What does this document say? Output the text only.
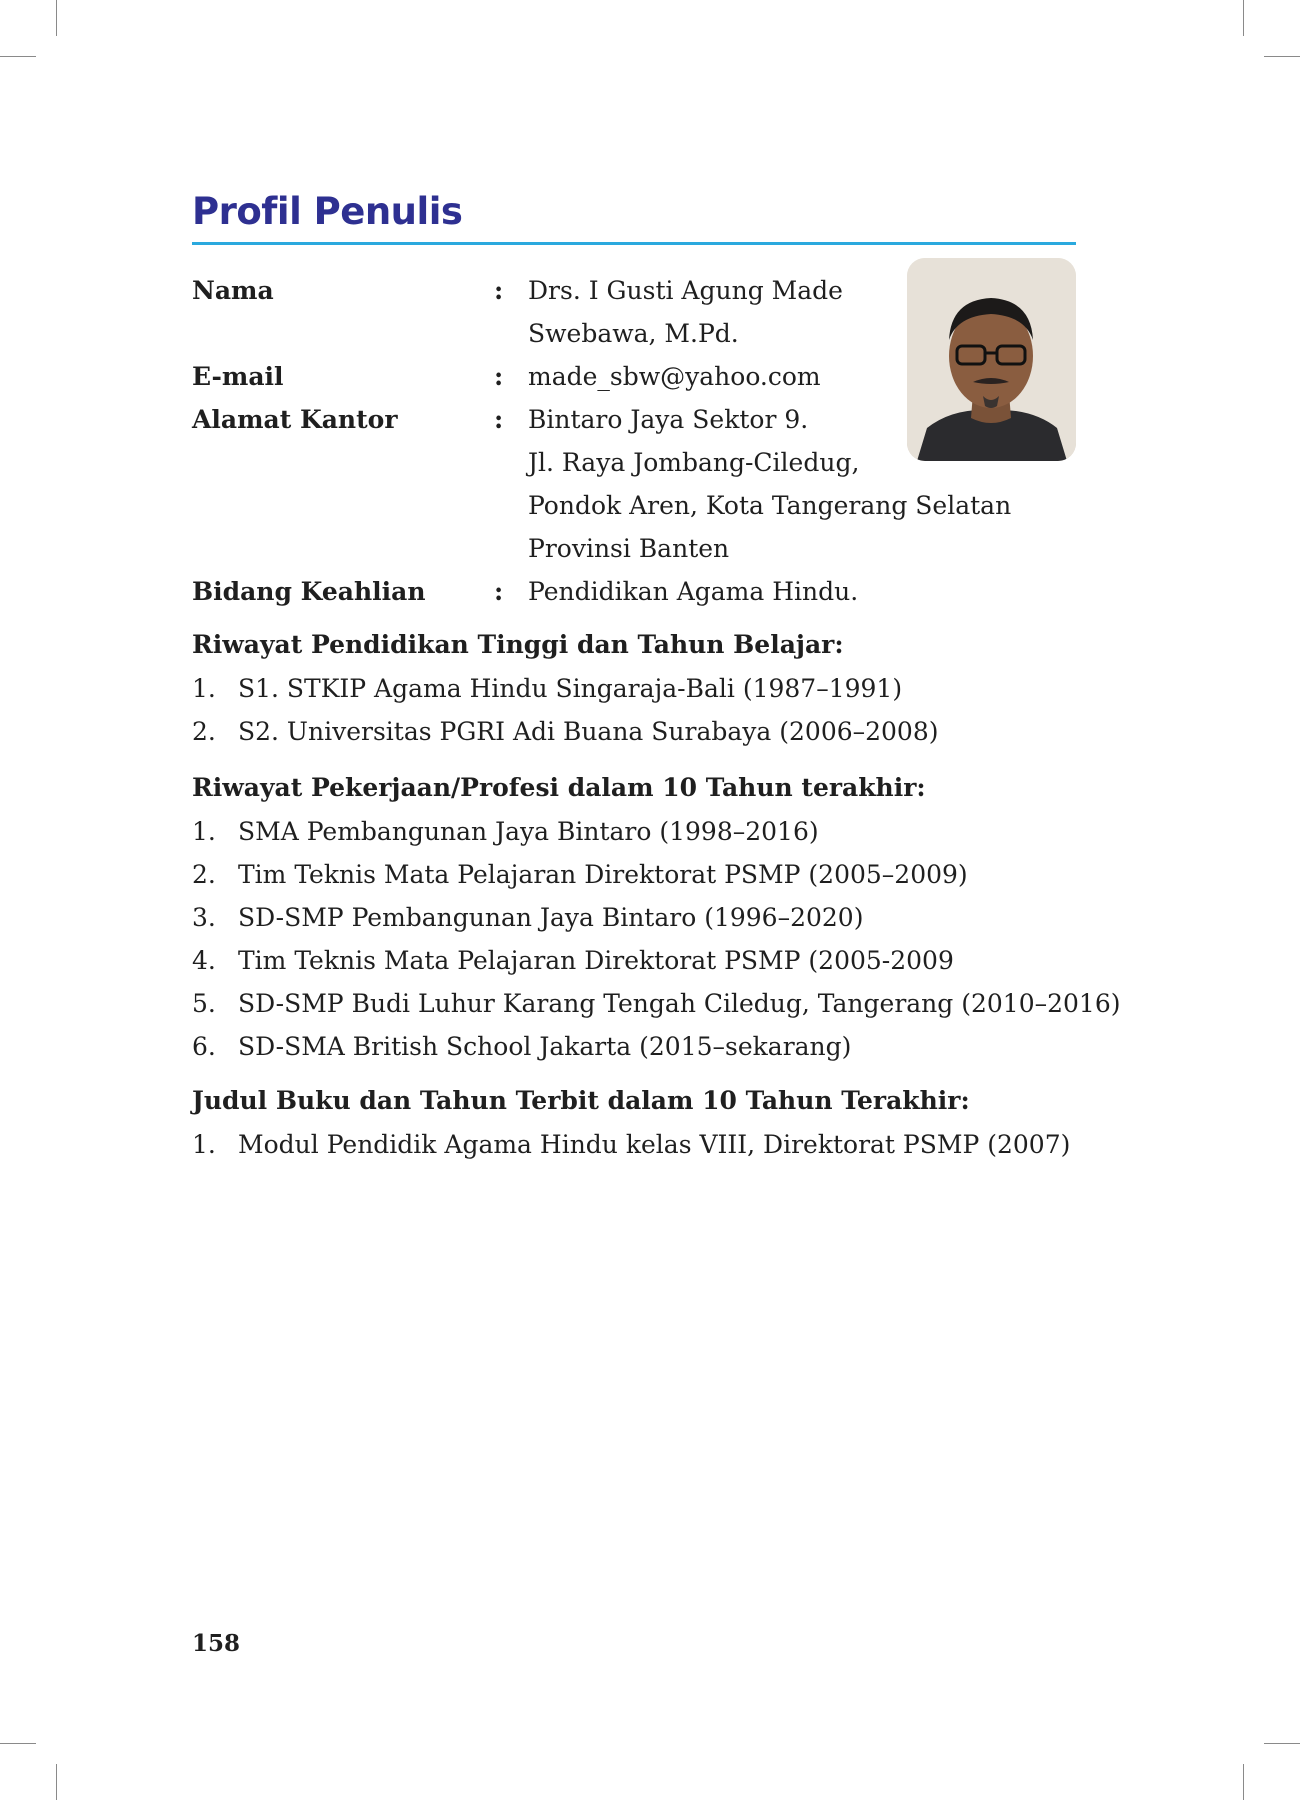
Profil Penulis
Nama	: Drs. I Gusti Agung Made
Swebawa, M.Pd.
E-mail	: made_sbw@yahoo.com
Alamat Kantor	: Bintaro Jaya Sektor 9.
Jl. Raya Jombang-Ciledug,
Pondok Aren, Kota Tangerang Selatan
Provinsi Banten
Bidang Keahlian	: Pendidikan Agama Hindu.
Riwayat Pendidikan Tinggi dan Tahun Belajar:
1. S1. STKIP Agama Hindu Singaraja-Bali (1987–1991)
2. S2. Universitas PGRI Adi Buana Surabaya (2006–2008)
Riwayat Pekerjaan/Profesi dalam 10 Tahun terakhir:
1. SMA Pembangunan Jaya Bintaro (1998–2016)
2. Tim Teknis Mata Pelajaran Direktorat PSMP (2005–2009)
3. SD-SMP Pembangunan Jaya Bintaro (1996–2020)
4. Tim Teknis Mata Pelajaran Direktorat PSMP (2005-2009
5. SD-SMP Budi Luhur Karang Tengah Ciledug, Tangerang (2010–2016)
6. SD-SMA British School Jakarta (2015–sekarang)
Judul Buku dan Tahun Terbit dalam 10 Tahun Terakhir:
1. Modul Pendidik Agama Hindu kelas VIII, Direktorat PSMP (2007)
158
